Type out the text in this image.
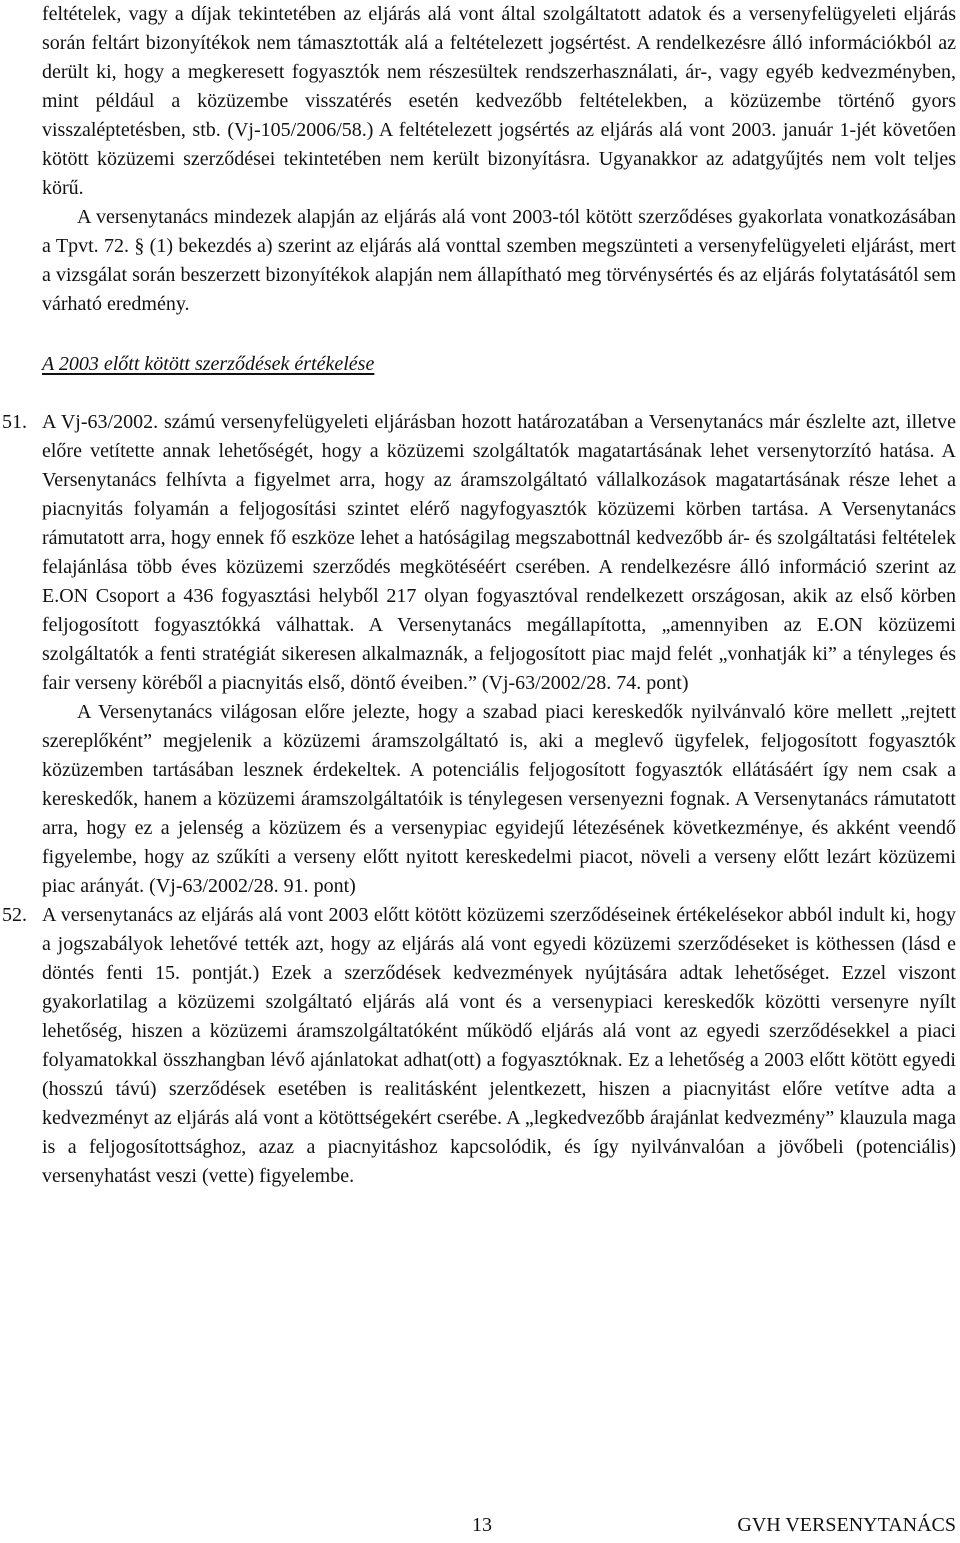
feltételek, vagy a díjak tekintetében az eljárás alá vont által szolgáltatott adatok és a versenyfelügyeleti eljárás során feltárt bizonyítékok nem támasztották alá a feltételezett jogsértést. A rendelkezésre álló információkból az derült ki, hogy a megkeresett fogyasztók nem részesültek rendszerhasználati, ár-, vagy egyéb kedvezményben, mint például a közüzembe visszatérés esetén kedvezőbb feltételekben, a közüzembe történő gyors visszaléptetésben, stb. (Vj-105/2006/58.) A feltételezett jogsértés az eljárás alá vont 2003. január 1-jét követően kötött közüzemi szerződései tekintetében nem került bizonyításra. Ugyanakkor az adatgyűjtés nem volt teljes körű.

A versenytanács mindezek alapján az eljárás alá vont 2003-tól kötött szerződéses gyakorlata vonatkozásában a Tpvt. 72. § (1) bekezdés a) szerint az eljárás alá vonttal szemben megszünteti a versenyfelügyeleti eljárást, mert a vizsgálat során beszerzett bizonyítékok alapján nem állapítható meg törvénysértés és az eljárás folytatásától sem várható eredmény.

A 2003 előtt kötött szerződések értékelése

51. A Vj-63/2002. számú versenyfelügyeleti eljárásban hozott határozatában a Versenytanács már észlelte azt, illetve előre vetítette annak lehetőségét, hogy a közüzemi szolgáltatók magatartásának lehet versenytorzító hatása. A Versenytanács felhívta a figyelmet arra, hogy az áramszolgáltató vállalkozások magatartásának része lehet a piacnyitás folyamán a feljogosítási szintet elérő nagyfogyasztók közüzemi körben tartása. A Versenytanács rámutatott arra, hogy ennek fő eszköze lehet a hatóságilag megszabottnál kedvezőbb ár- és szolgáltatási feltételek felajánlása több éves közüzemi szerződés megkötéséért cserében. A rendelkezésre álló információ szerint az E.ON Csoport a 436 fogyasztási helyből 217 olyan fogyasztóval rendelkezett országosan, akik az első körben feljogosított fogyasztókká válhattak. A Versenytanács megállapította, „amennyiben az E.ON közüzemi szolgáltatók a fenti stratégiát sikeresen alkalmaznák, a feljogosított piac majd felét „vonhatják ki” a tényleges és fair verseny köréből a piacnyitás első, döntő éveiben.” (Vj-63/2002/28. 74. pont)

A Versenytanács világosan előre jelezte, hogy a szabad piaci kereskedők nyilvánvaló köre mellett „rejtett szereplőként” megjelenik a közüzemi áramszolgáltató is, aki a meglevő ügyfelek, feljogosított fogyasztók közüzemben tartásában lesznek érdekeltek. A potenciális feljogosított fogyasztók ellátásáért így nem csak a kereskedők, hanem a közüzemi áramszolgáltatóik is ténylegesen versenyezni fognak. A Versenytanács rámutatott arra, hogy ez a jelenség a közüzem és a versenypiac egyidejű létezésének következménye, és akként veendő figyelembe, hogy az szűkíti a verseny előtt nyitott kereskedelmi piacot, növeli a verseny előtt lezárt közüzemi piac arányát. (Vj-63/2002/28. 91. pont)

52. A versenytanács az eljárás alá vont 2003 előtt kötött közüzemi szerződéseinek értékelésekor abból indult ki, hogy a jogszabályok lehetővé tették azt, hogy az eljárás alá vont egyedi közüzemi szerződéseket is köthessen (lásd e döntés fenti 15. pontját.) Ezek a szerződések kedvezmények nyújtására adtak lehetőséget. Ezzel viszont gyakorlatilag a közüzemi szolgáltató eljárás alá vont és a versenypiaci kereskedők közötti versenyre nyílt lehetőség, hiszen a közüzemi áramszolgáltatóként működő eljárás alá vont az egyedi szerződésekkel a piaci folyamatokkal összhangban lévő ajánlatokat adhat(ott) a fogyasztóknak. Ez a lehetőség a 2003 előtt kötött egyedi (hosszú távú) szerződések esetében is realitásként jelentkezett, hiszen a piacnyitást előre vetítve adta a kedvezményt az eljárás alá vont a kötöttségekért cserébe. A „legkedvezőbb árajánlat kedvezmény” klauzula maga is a feljogosítottsághoz, azaz a piacnyitáshoz kapcsolódik, és így nyilvánvalóan a jövőbeli (potenciális) versenyhatást veszi (vette) figyelembe.

13	GVH VERSENYTANÁCS
